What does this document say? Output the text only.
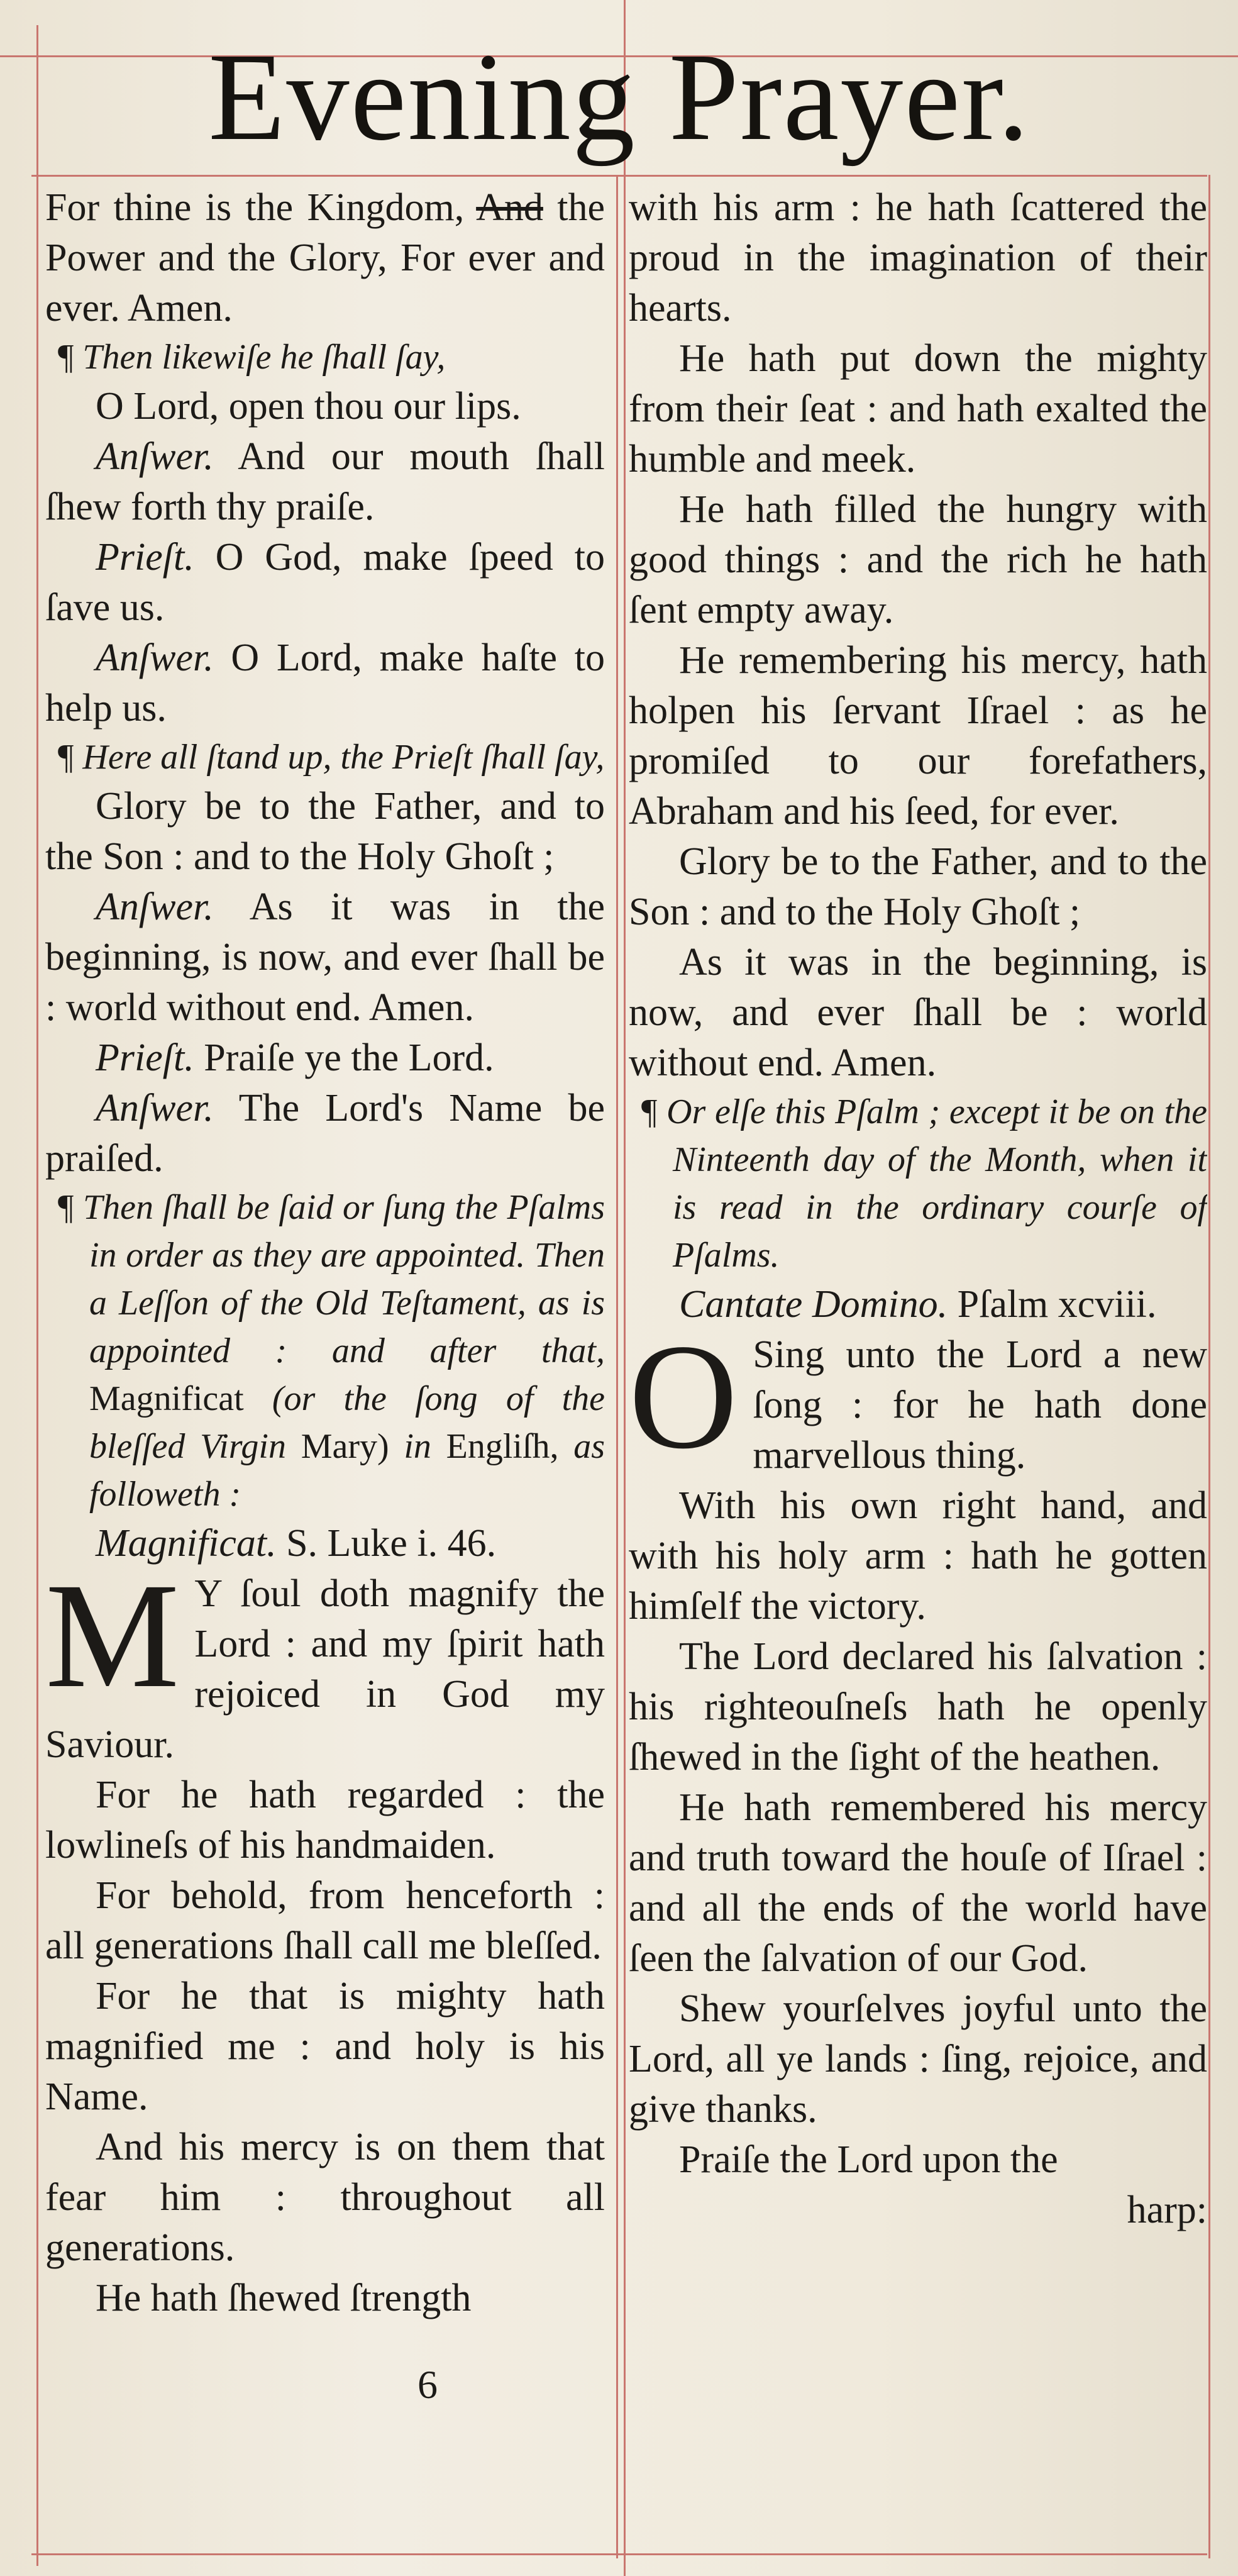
Evening Prayer.

For thine is the Kingdom, And the Power and the Glory, For ever and ever. Amen.

¶ Then likewiſe he ſhall ſay,

O Lord, open thou our lips.

Anſwer. And our mouth ſhall ſhew forth thy praiſe.

Prieſt. O God, make ſpeed to ſave us.

Anſwer. O Lord, make haſte to help us.

¶ Here all ſtand up, the Prieſt ſhall ſay,

Glory be to the Father, and to the Son : and to the Holy Ghoſt ;

Anſwer. As it was in the beginning, is now, and ever ſhall be : world without end. Amen.

Prieſt. Praiſe ye the Lord.

Anſwer. The Lord's Name be praiſed.

¶ Then ſhall be ſaid or ſung the Pſalms in order as they are appointed. Then a Leſſon of the Old Teſtament, as is appointed : and after that, Magnificat (or the ſong of the bleſſed Virgin Mary) in Engliſh, as followeth :

Magnificat. S. Luke i. 46.

M Y ſoul doth magnify the Lord : and my ſpirit hath rejoiced in God my Saviour.

For he hath regarded : the lowlineſs of his handmaiden.

For behold, from henceforth : all generations ſhall call me bleſſed.

For he that is mighty hath magnified me : and holy is his Name.

And his mercy is on them that fear him : throughout all generations.

He hath ſhewed ſtrength

6

with his arm : he hath ſcattered the proud in the imagination of their hearts.

He hath put down the mighty from their ſeat : and hath exalted the humble and meek.

He hath filled the hungry with good things : and the rich he hath ſent empty away.

He remembering his mercy, hath holpen his ſervant Iſrael : as he promiſed to our forefathers, Abraham and his ſeed, for ever.

Glory be to the Father, and to the Son : and to the Holy Ghoſt ;

As it was in the beginning, is now, and ever ſhall be : world without end. Amen.

¶ Or elſe this Pſalm ; except it be on the Ninteenth day of the Month, when it is read in the ordinary courſe of Pſalms.

Cantate Domino. Pſalm xcviii.

O Sing unto the Lord a new ſong : for he hath done marvellous thing.

With his own right hand, and with his holy arm : hath he gotten himſelf the victory.

The Lord declared his ſalvation : his righteouſneſs hath he openly ſhewed in the ſight of the heathen.

He hath remembered his mercy and truth toward the houſe of Iſrael : and all the ends of the world have ſeen the ſalvation of our God.

Shew yourſelves joyful unto the Lord, all ye lands : ſing, rejoice, and give thanks.

Praiſe the Lord upon the

harp:
